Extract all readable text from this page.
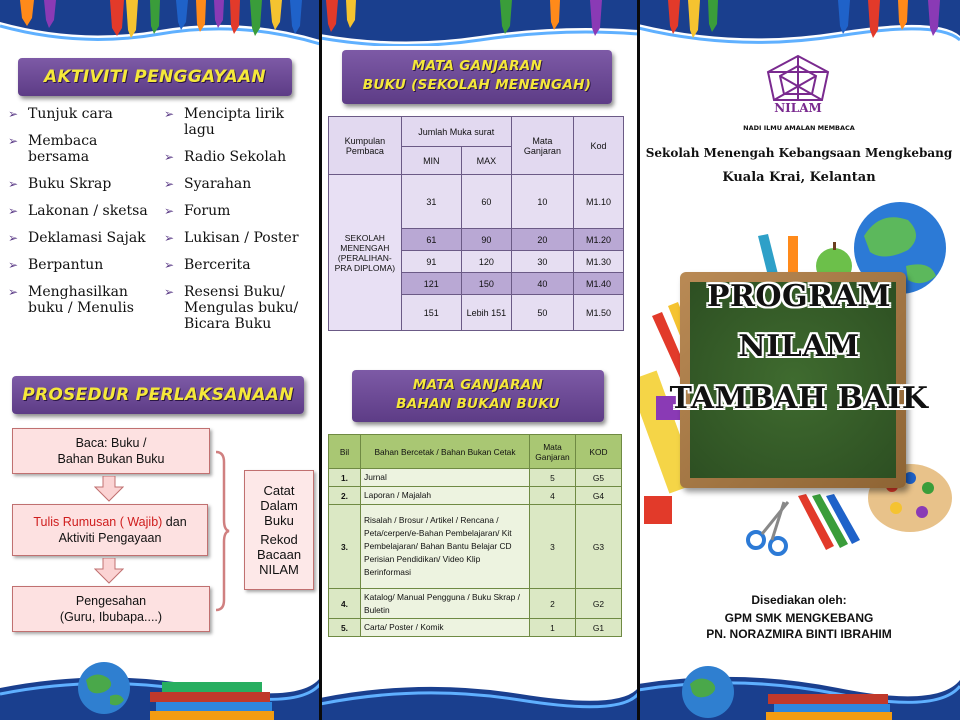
AKTIVITI PENGGAYAAN
➢ Tunjuk cara
➢ Membaca bersama
➢ Buku Skrap
➢ Lakonan / sketsa
➢ Deklamasi Sajak
➢ Berpantun
➢ Menghasilkan buku / Menulis
➢ Mencipta lirik lagu
➢ Radio Sekolah
➢ Syarahan
➢ Forum
➢ Lukisan / Poster
➢ Bercerita
➢ Resensi Buku/ Mengulas buku/ Bicara Buku
PROSEDUR PERLAKSANAAN
Baca: Buku /
Bahan Bukan Buku
Tulis Rumusan ( Wajib) dan
Aktiviti Pengayaan
Pengesahan
(Guru, Ibubapa....)
Catat
Dalam
Buku
Rekod
Bacaan
NILAM
MATA GANJARAN
BUKU (SEKOLAH MENENGAH)
Kumpulan Pembaca	Jumlah Muka surat		Mata Ganjaran	Kod
	MIN	MAX		
SEKOLAH MENENGAH (PERALIHAN-PRA DIPLOMA)	31	60	10	M1.10
	61	90	20	M1.20
	91	120	30	M1.30
	121	150	40	M1.40
	151	Lebih 151	50	M1.50
MATA GANJARAN
BAHAN BUKAN BUKU
Bil	Bahan Bercetak / Bahan Bukan Cetak	Mata Ganjaran	KOD
1.	Jurnal	5	G5
2.	Laporan / Majalah	4	G4
3.	Risalah / Brosur / Artikel / Rencana / Peta/cerpen/e-Bahan Pembelajaran/ Kit Pembelajaran/ Bahan Bantu Belajar CD Perisian Pendidikan/ Video Klip Berinformasi	3	G3
4.	Katalog/ Manual Pengguna / Buku Skrap / Buletin	2	G2
5.	Carta/ Poster / Komik	1	G1
NILAM
NADI ILMU AMALAN MEMBACA
Sekolah Menengah Kebangsaan Mengkebang
Kuala Krai, Kelantan
PROGRAM
NILAM
TAMBAH BAIK
Disediakan oleh:
GPM SMK MENGKEBANG
PN. NORAZMIRA BINTI IBRAHIM
